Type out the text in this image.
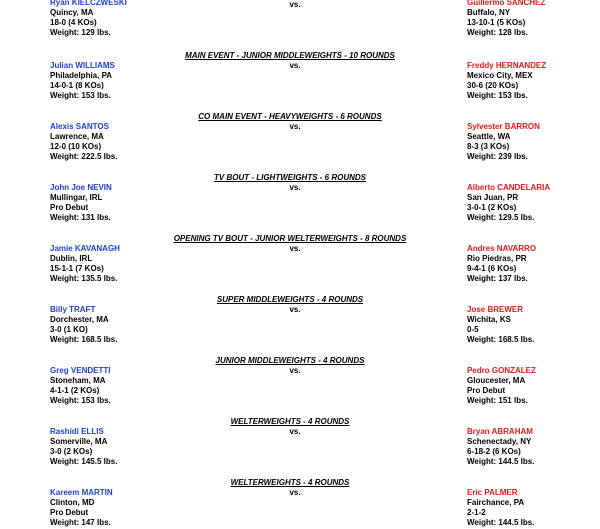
vs.
Ryan KIELCZWESKI
Quincy, MA
18-0 (4 KOs)
Weight: 129 lbs.
Guillermo SANCHEZ
Buffalo, NY
13-10-1 (5 KOs)
Weight: 128 lbs.
MAIN EVENT - JUNIOR MIDDLEWEIGHTS - 10 ROUNDS
vs.
Julian WILLIAMS
Philadelphia, PA
14-0-1 (8 KOs)
Weight: 153 lbs.
Freddy HERNANDEZ
Mexico City, MEX
30-6 (20 KOs)
Weight: 153 lbs.
CO MAIN EVENT - HEAVYWEIGHTS - 6 ROUNDS
vs.
Alexis SANTOS
Lawrence, MA
12-0 (10 KOs)
Weight: 222.5 lbs.
Sylvester BARRON
Seattle, WA
8-3 (3 KOs)
Weight: 239 lbs.
TV BOUT - LIGHTWEIGHTS - 6 ROUNDS
vs.
John Joe NEVIN
Mullingar, IRL
Pro Debut
Weight: 131 lbs.
Alberto CANDELARIA
San Juan, PR
3-0-1 (2 KOs)
Weight: 129.5 lbs.
OPENING TV BOUT - JUNIOR WELTERWEIGHTS - 8 ROUNDS
vs.
Jamie KAVANAGH
Dublin, IRL
15-1-1 (7 KOs)
Weight: 135.5 lbs.
Andres NAVARRO
Rio Piedras, PR
9-4-1 (6 KOs)
Weight: 137 lbs.
SUPER MIDDLEWEIGHTS - 4 ROUNDS
vs.
Billy TRAFT
Dorchester, MA
3-0 (1 KO)
Weight: 168.5 lbs.
Jose BREWER
Wichita, KS
0-5
Weight: 168.5 lbs.
JUNIOR MIDDLEWEIGHTS - 4 ROUNDS
vs.
Greg VENDETTI
Stoneham, MA
4-1-1 (2 KOs)
Weight: 153 lbs.
Pedro GONZALEZ
Gloucester, MA
Pro Debut
Weight: 151 lbs.
WELTERWEIGHTS - 4 ROUNDS
vs.
Rashidi ELLIS
Somerville, MA
3-0 (2 KOs)
Weight: 145.5 lbs.
Bryan ABRAHAM
Schenectady, NY
6-18-2 (6 KOs)
Weight: 144.5 lbs.
WELTERWEIGHTS - 4 ROUNDS
vs.
Kareem MARTIN
Clinton, MD
Pro Debut
Weight: 147 lbs.
Eric PALMER
Fairchance, PA
2-1-2
Weight: 144.5 lbs.
